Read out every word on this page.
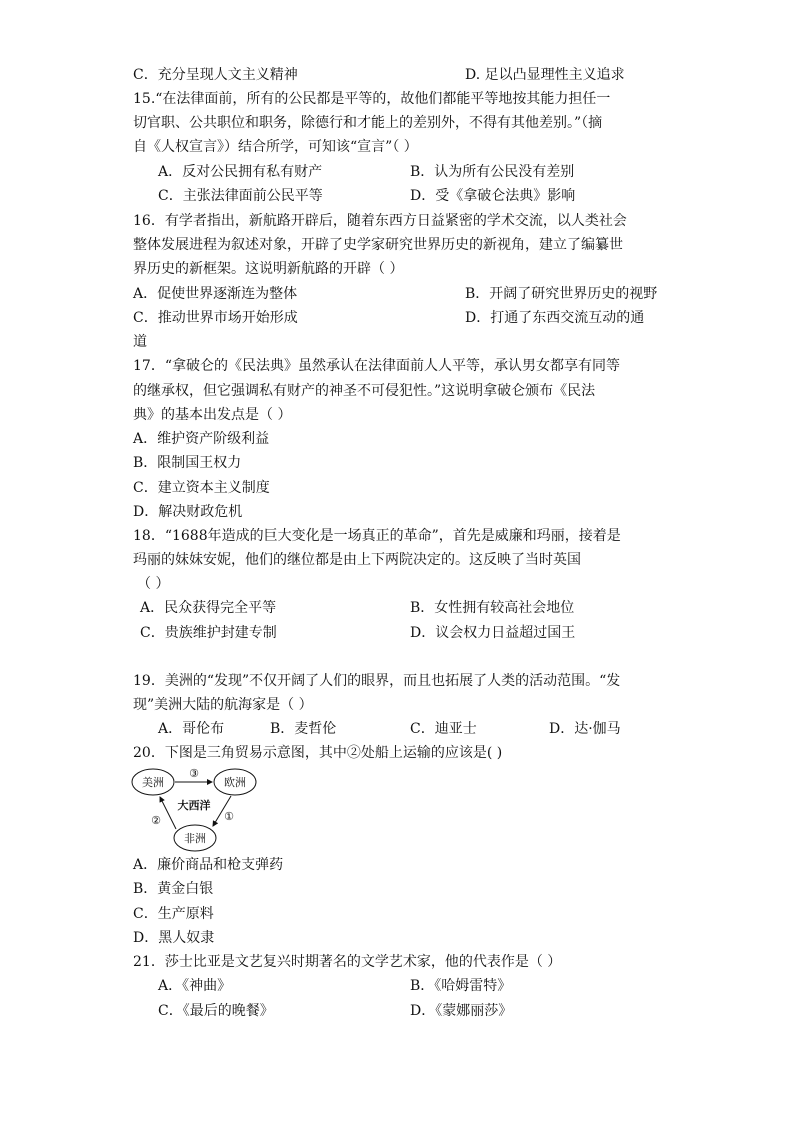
C．充分呈现人文主义精神	D. 足以凸显理性主义追求
15.“在法律面前，所有的公民都是平等的，故他们都能平等地按其能力担任一
切官职、公共职位和职务，除德行和才能上的差别外，不得有其他差别。”（摘
自《人权宣言》）结合所学，可知该“宣言”（ ）
A．反对公民拥有私有财产	B．认为所有公民没有差别
C．主张法律面前公民平等	D．受《拿破仑法典》影响
16．有学者指出，新航路开辟后，随着东西方日益紧密的学术交流，以人类社会
整体发展进程为叙述对象，开辟了史学家研究世界历史的新视角，建立了编纂世
界历史的新框架。这说明新航路的开辟（ ）
A．促使世界逐渐连为整体	B．开阔了研究世界历史的视野
C．推动世界市场开始形成	D．打通了东西交流互动的通
道
17．“拿破仑的《民法典》虽然承认在法律面前人人平等，承认男女都享有同等
的继承权，但它强调私有财产的神圣不可侵犯性。”这说明拿破仑颁布《民法
典》的基本出发点是（ ）
A．维护资产阶级利益
B．限制国王权力
C．建立资本主义制度
D．解决财政危机
18．“1688年造成的巨大变化是一场真正的革命”，首先是威廉和玛丽，接着是
玛丽的妹妹安妮，他们的继位都是由上下两院决定的。这反映了当时英国
（ ）
A．民众获得完全平等	B．女性拥有较高社会地位
C．贵族维护封建专制	D．议会权力日益超过国王
19．美洲的“发现”不仅开阔了人们的眼界，而且也拓展了人类的活动范围。“发
现”美洲大陆的航海家是（ ）
A．哥伦布	B．麦哲伦	C．迪亚士	D．达·伽马
20．下图是三角贸易示意图，其中②处船上运输的应该是( )
美洲	欧洲
非洲
大西洋
③
①
②
A．廉价商品和枪支弹药
B．黄金白银
C．生产原料
D．黑人奴隶
21．莎士比亚是文艺复兴时期著名的文学艺术家，他的代表作是（ ）
A．《神曲》	B．《哈姆雷特》
C．《最后的晚餐》	D．《蒙娜丽莎》
